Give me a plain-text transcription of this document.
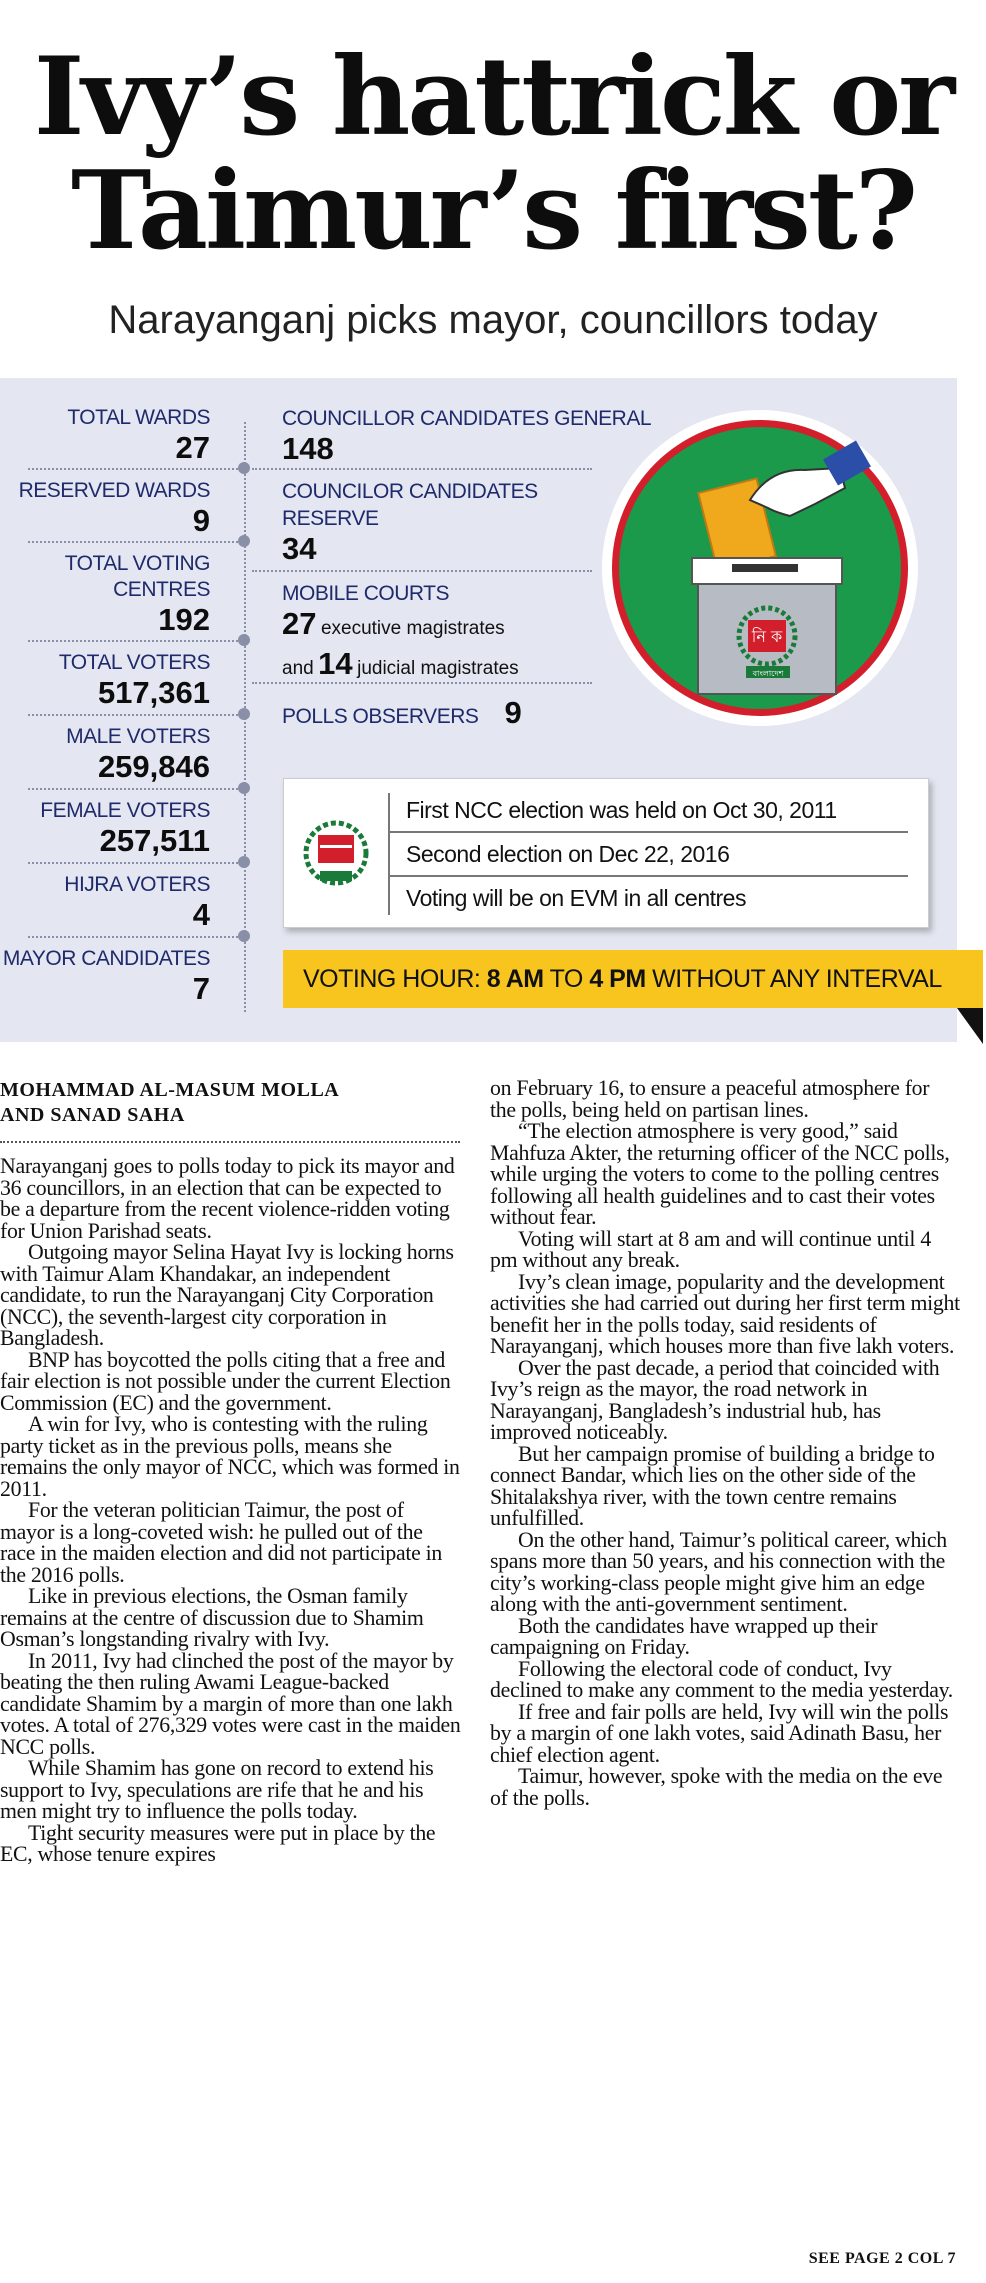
Ivy’s hattrick or
Taimur’s first?
Narayanganj picks mayor, councillors today
TOTAL WARDS
27
RESERVED WARDS
9
TOTAL VOTING CENTRES
192
TOTAL VOTERS
517,361
MALE VOTERS
259,846
FEMALE VOTERS
257,511
HIJRA VOTERS
4
MAYOR CANDIDATES
7
COUNCILLOR CANDIDATES GENERAL
148
COUNCILOR CANDIDATES
RESERVE
34
MOBILE COURTS
27 executive magistrates
and 14 judicial magistrates
POLLS OBSERVERS 9
নি ক
বাংলাদেশ
First NCC election was held on Oct 30, 2011
Second election on Dec 22, 2016
Voting will be on EVM in all centres
VOTING HOUR: 8 AM TO 4 PM WITHOUT ANY INTERVAL
MOHAMMAD AL-MASUM MOLLA
AND SANAD SAHA

Narayanganj goes to polls today to pick its mayor and 36 councillors, in an election that can be expected to be a departure from the recent violence-ridden voting for Union Parishad seats.

Outgoing mayor Selina Hayat Ivy is locking horns with Taimur Alam Khandakar, an independent candidate, to run the Narayanganj City Corporation (NCC), the seventh-largest city corporation in Bangladesh.

BNP has boycotted the polls citing that a free and fair election is not possible under the current Election Commission (EC) and the government.

A win for Ivy, who is contesting with the ruling party ticket as in the previous polls, means she remains the only mayor of NCC, which was formed in 2011.

For the veteran politician Taimur, the post of mayor is a long-coveted wish: he pulled out of the race in the maiden election and did not participate in the 2016 polls.

Like in previous elections, the Osman family remains at the centre of discussion due to Shamim Osman’s longstanding rivalry with Ivy.

In 2011, Ivy had clinched the post of the mayor by beating the then ruling Awami League-backed candidate Shamim by a margin of more than one lakh votes. A total of 276,329 votes were cast in the maiden NCC polls.

While Shamim has gone on record to extend his support to Ivy, speculations are rife that he and his men might try to influence the polls today.

Tight security measures were put in place by the EC, whose tenure expires

on February 16, to ensure a peaceful atmosphere for the polls, being held on partisan lines.

“The election atmosphere is very good,” said Mahfuza Akter, the returning officer of the NCC polls, while urging the voters to come to the polling centres following all health guidelines and to cast their votes without fear.

Voting will start at 8 am and will continue until 4 pm without any break.

Ivy’s clean image, popularity and the development activities she had carried out during her first term might benefit her in the polls today, said residents of Narayanganj, which houses more than five lakh voters.

Over the past decade, a period that coincided with Ivy’s reign as the mayor, the road network in Narayanganj, Bangladesh’s industrial hub, has improved noticeably.

But her campaign promise of building a bridge to connect Bandar, which lies on the other side of the Shitalakshya river, with the town centre remains unfulfilled.

On the other hand, Taimur’s political career, which spans more than 50 years, and his connection with the city’s working-class people might give him an edge along with the anti-government sentiment.

Both the candidates have wrapped up their campaigning on Friday.

Following the electoral code of conduct, Ivy declined to make any comment to the media yesterday.

If free and fair polls are held, Ivy will win the polls by a margin of one lakh votes, said Adinath Basu, her chief election agent.

Taimur, however, spoke with the media on the eve of the polls.

SEE PAGE 2 COL 7
